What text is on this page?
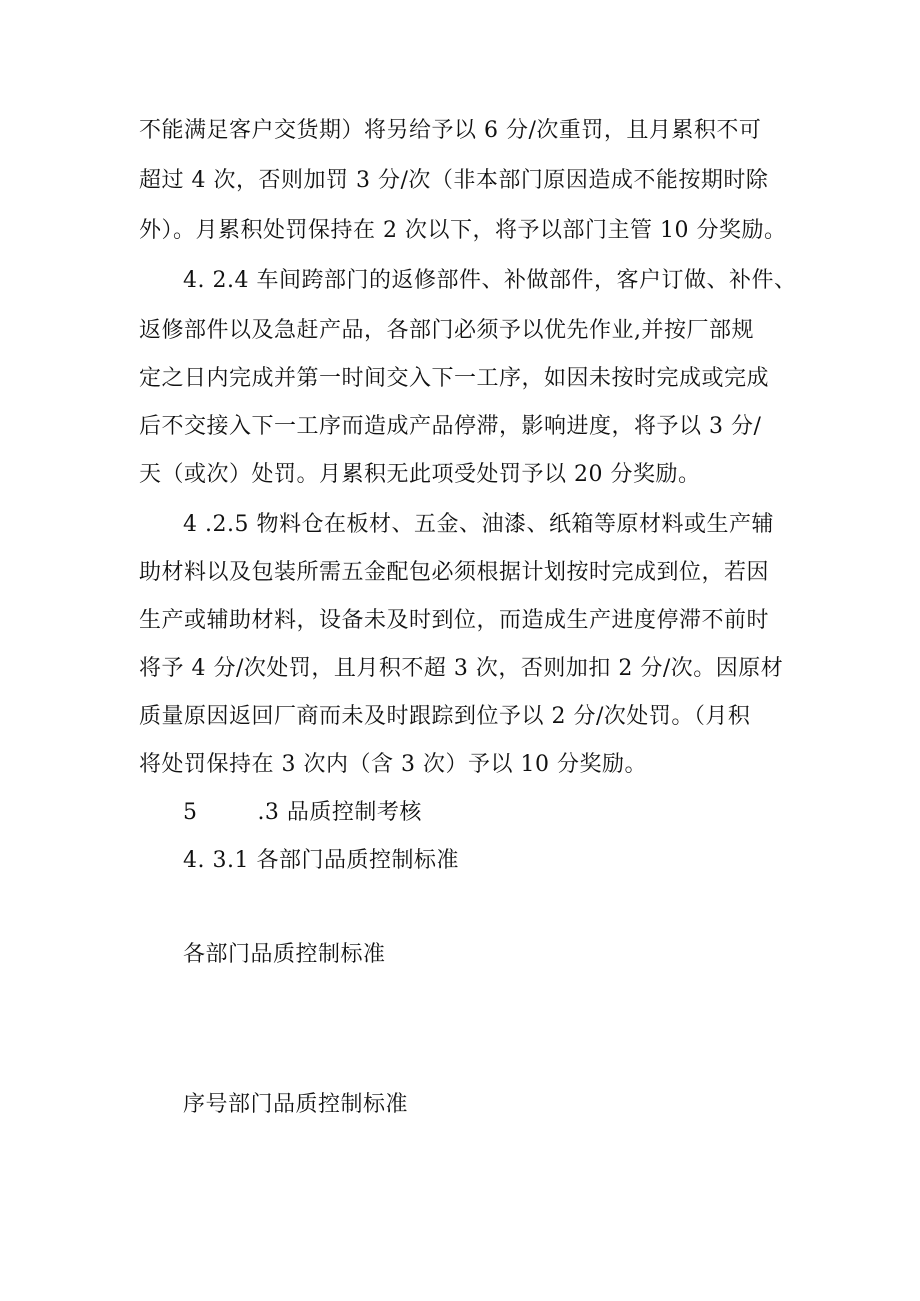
不能满足客户交货期）将另给予以 6 分/次重罚，且月累积不可
超过 4 次，否则加罚 3 分/次（非本部门原因造成不能按期时除
外）。月累积处罚保持在 2 次以下，将予以部门主管 10 分奖励。
4. 2.4 车间跨部门的返修部件、补做部件，客户订做、补件、
返修部件以及急赶产品，各部门必须予以优先作业,并按厂部规
定之日内完成并第一时间交入下一工序，如因未按时完成或完成
后不交接入下一工序而造成产品停滞，影响进度，将予以 3 分/
天（或次）处罚。月累积无此项受处罚予以 20 分奖励。
4 .2.5 物料仓在板材、五金、油漆、纸箱等原材料或生产辅
助材料以及包装所需五金配包必须根据计划按时完成到位，若因
生产或辅助材料，设备未及时到位，而造成生产进度停滞不前时
将予 4 分/次处罚，且月积不超 3 次，否则加扣 2 分/次。因原材
质量原因返回厂商而未及时跟踪到位予以 2 分/次处罚。（月积
将处罚保持在 3 次内（含 3 次）予以 10 分奖励。
5        .3 品质控制考核
4. 3.1 各部门品质控制标准
各部门品质控制标准
序号部门品质控制标准
